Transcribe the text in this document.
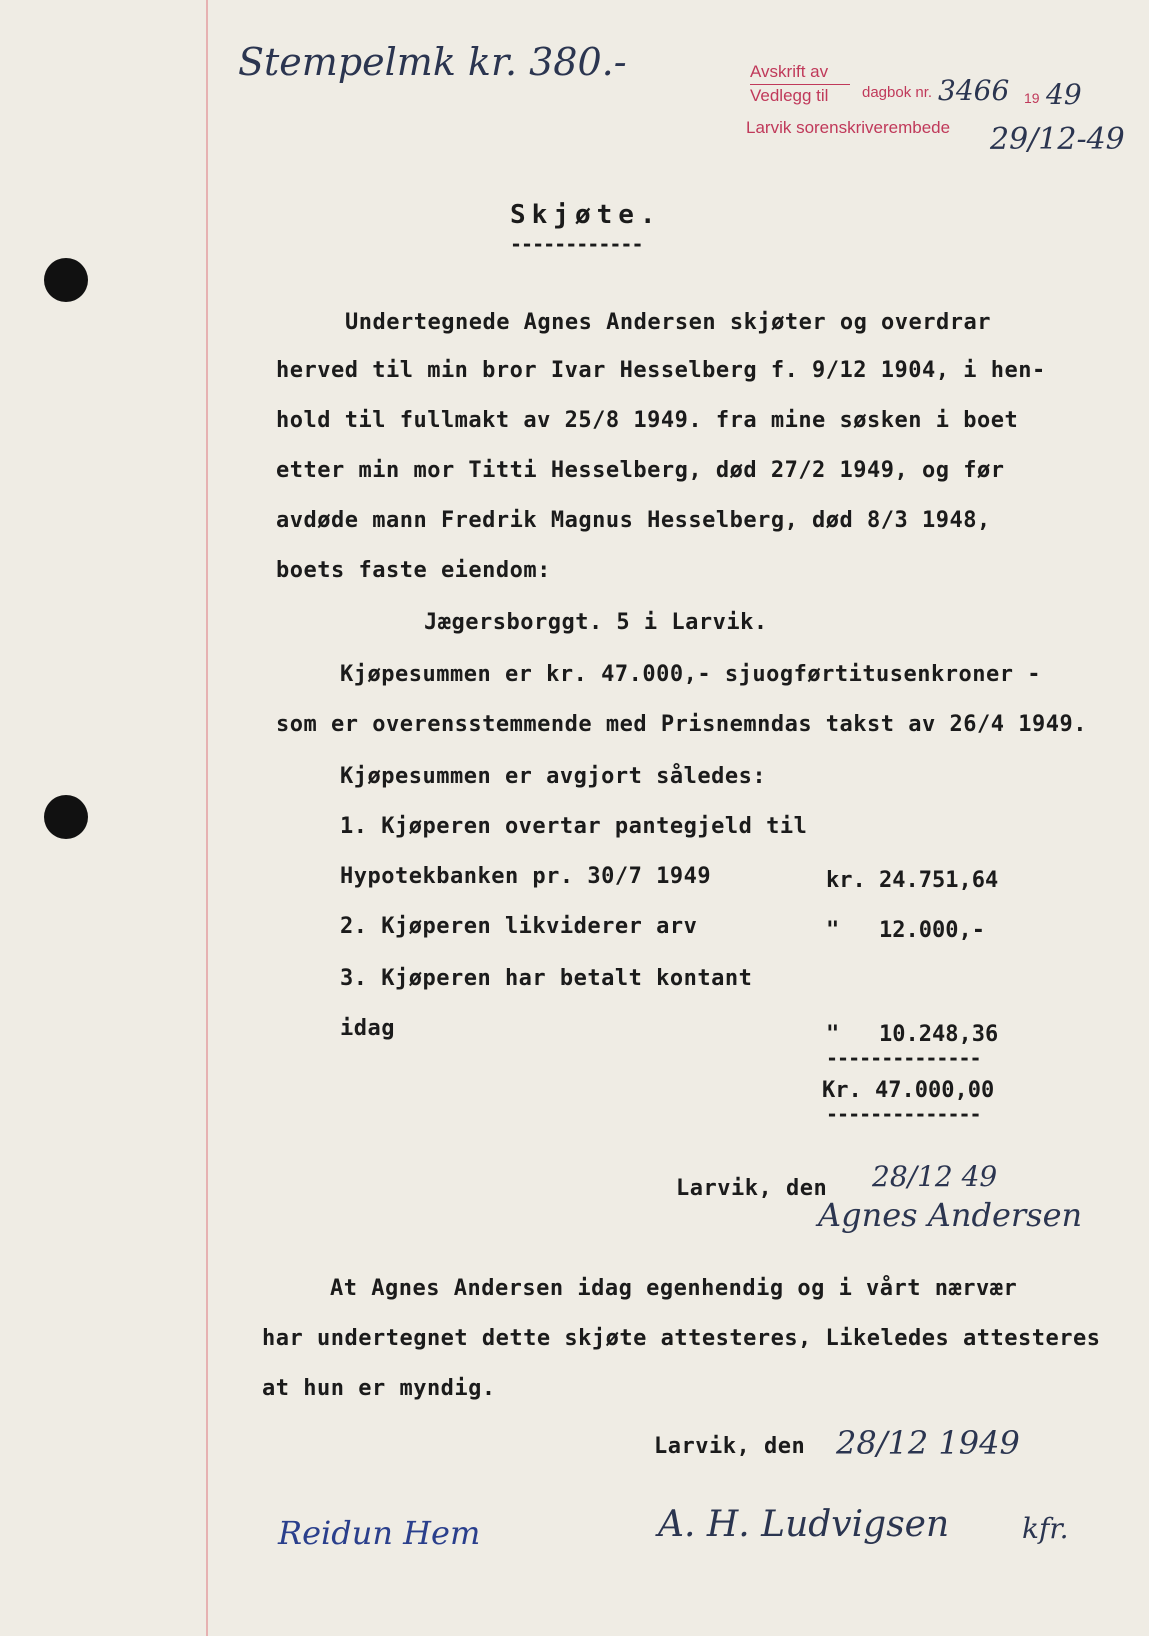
Stempelmk kr. 380.-	Avskrift av
dagbok nr.
Vedlegg til	19
Larvik sorenskriverembede
3466 49
29/12-49
Skjøte.
------------
Undertegnede Agnes Andersen skjøter og overdrar
herved til min bror Ivar Hesselberg f. 9/12 1904, i hen-
hold til fullmakt av 25/8 1949. fra mine søsken i boet
etter min mor Titti Hesselberg, død 27/2 1949, og før
avdøde mann Fredrik Magnus Hesselberg, død 8/3 1948,
boets faste eiendom:
Jægersborggt. 5 i Larvik.
Kjøpesummen er kr. 47.000,- sjuogførtitusenkroner -
som er overensstemmende med Prisnemndas takst av 26/4 1949.
Kjøpesummen er avgjort således:
1. Kjøperen overtar pantegjeld til
Hypotekbanken pr. 30/7 1949	kr. 24.751,64
2. Kjøperen likviderer arv	"   12.000,-
3. Kjøperen har betalt kontant
idag	"   10.248,36
--------------
Kr. 47.000,00
--------------
Larvik, den 28/12 49
Agnes Andersen
At Agnes Andersen idag egenhendig og i vårt nærvær
har undertegnet dette skjøte attesteres, Likeledes attesteres
at hun er myndig.
Larvik, den 28/12 1949
Reidun Hem	A. H. Ludvigsen	kfr.
